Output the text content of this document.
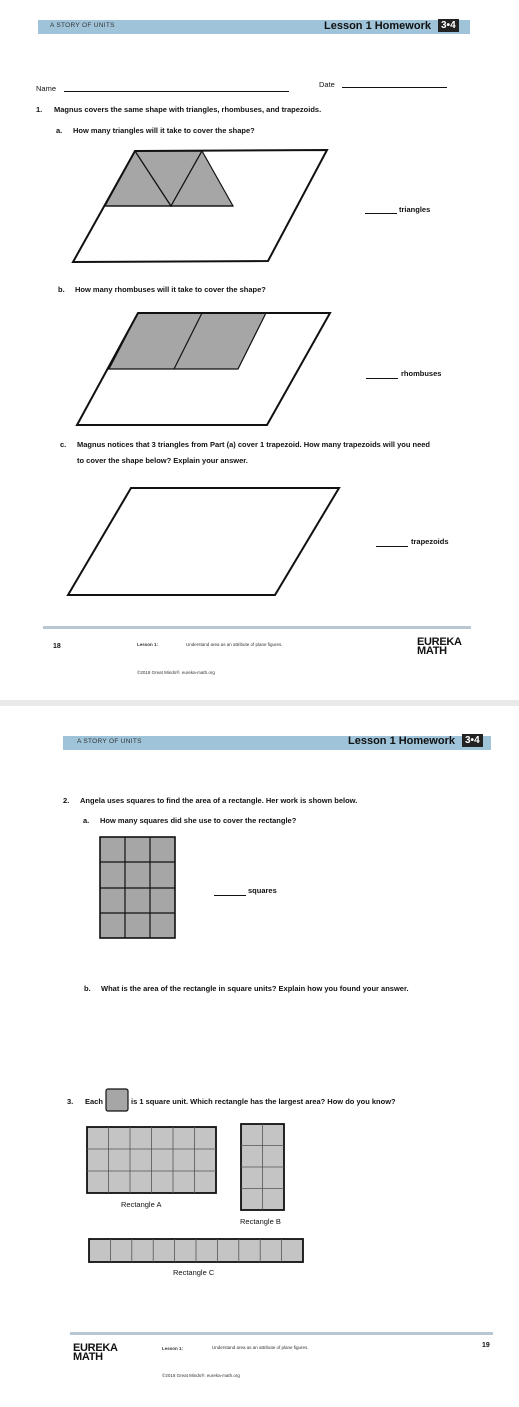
A STORY OF UNITS	Lesson 1 Homework	3•4
Name	Date
1. Magnus covers the same shape with triangles, rhombuses, and trapezoids.
a. How many triangles will it take to cover the shape?
triangles
b. How many rhombuses will it take to cover the shape?
rhombuses
c. Magnus notices that 3 triangles from Part (a) cover 1 trapezoid. How many trapezoids will you need
to cover the shape below? Explain your answer.
trapezoids
18	Lesson 1:	Understand area as an attribute of plane figures.
©2018 Great Minds®. eureka-math.org
EUREKA
MATH
A STORY OF UNITS	Lesson 1 Homework	3•4
2. Angela uses squares to find the area of a rectangle. Her work is shown below.
a. How many squares did she use to cover the rectangle?
squares
b. What is the area of the rectangle in square units? Explain how you found your answer.
3. Each	is 1 square unit. Which rectangle has the largest area? How do you know?
Rectangle A
Rectangle B
Rectangle C
EUREKA
MATH
Lesson 1:	Understand area as an attribute of plane figures.
©2018 Great Minds®. eureka-math.org
19
